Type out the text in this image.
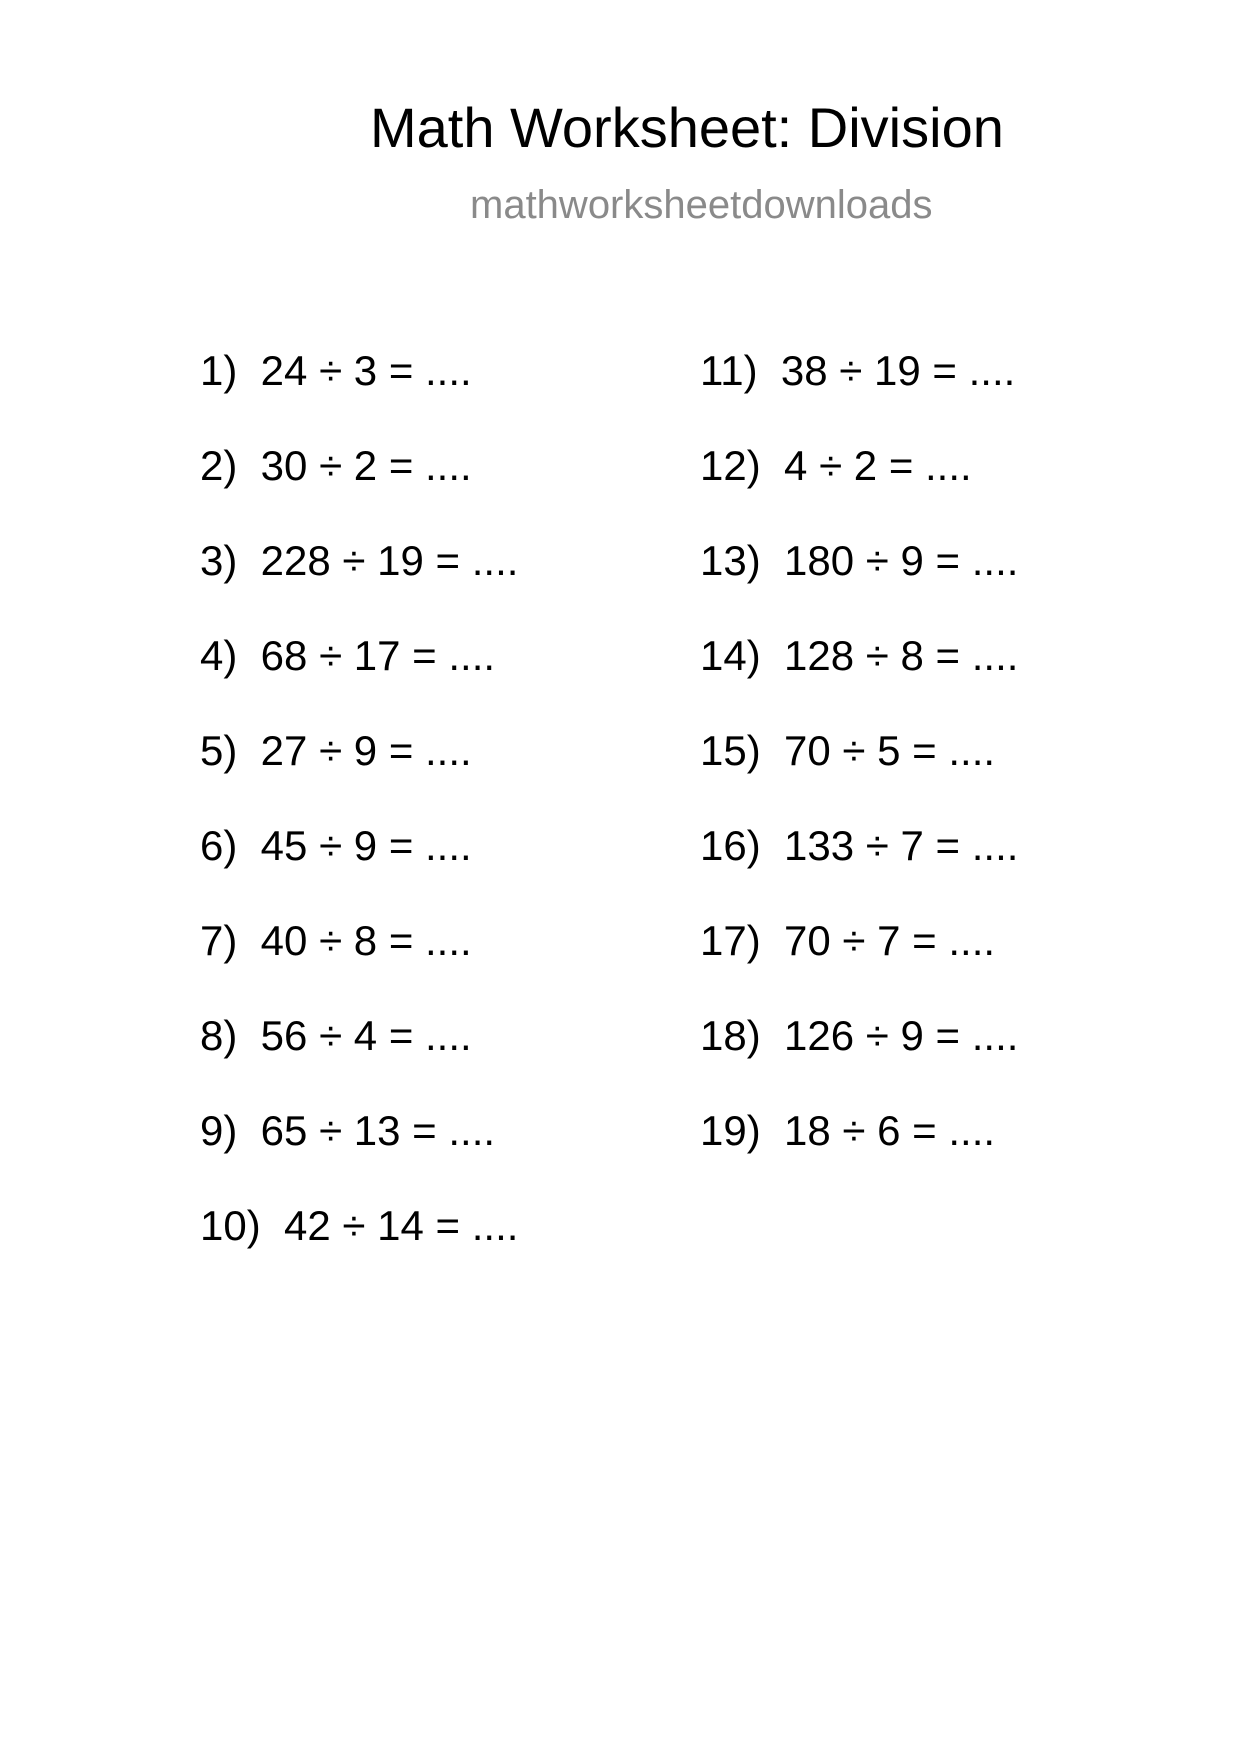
Math Worksheet: Division
mathworksheetdownloads
1)  24 ÷ 3 = ....
2)  30 ÷ 2 = ....
3)  228 ÷ 19 = ....
4)  68 ÷ 17 = ....
5)  27 ÷ 9 = ....
6)  45 ÷ 9 = ....
7)  40 ÷ 8 = ....
8)  56 ÷ 4 = ....
9)  65 ÷ 13 = ....
10)  42 ÷ 14 = ....
11)  38 ÷ 19 = ....
12)  4 ÷ 2 = ....
13)  180 ÷ 9 = ....
14)  128 ÷ 8 = ....
15)  70 ÷ 5 = ....
16)  133 ÷ 7 = ....
17)  70 ÷ 7 = ....
18)  126 ÷ 9 = ....
19)  18 ÷ 6 = ....
